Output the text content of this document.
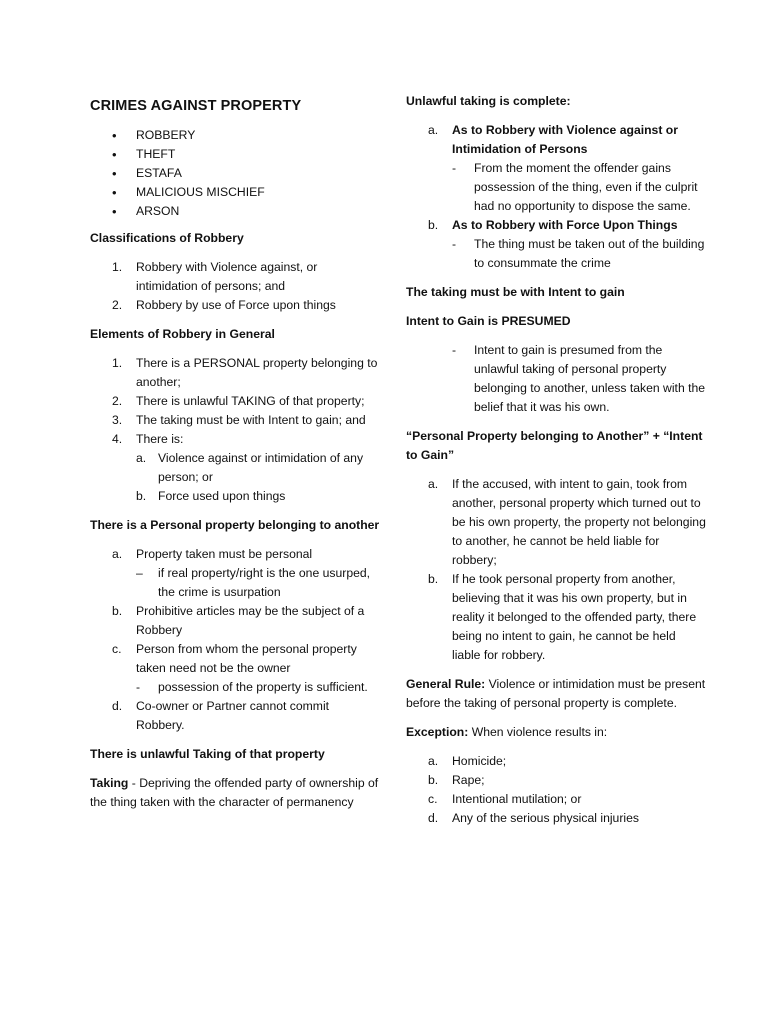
CRIMES AGAINST PROPERTY
• ROBBERY
• THEFT
• ESTAFA
• MALICIOUS MISCHIEF
• ARSON
Classifications of Robbery
1. Robbery with Violence against, or intimidation of persons; and
2. Robbery by use of Force upon things
Elements of Robbery in General
1. There is a PERSONAL property belonging to another;
2. There is unlawful TAKING of that property;
3. The taking must be with Intent to gain; and
4. There is:
a. Violence against or intimidation of any person; or
b. Force used upon things
There is a Personal property belonging to another
a. Property taken must be personal
– if real property/right is the one usurped, the crime is usurpation
b. Prohibitive articles may be the subject of a Robbery
c. Person from whom the personal property taken need not be the owner
- possession of the property is sufficient.
d. Co-owner or Partner cannot commit Robbery.
There is unlawful Taking of that property
Taking - Depriving the offended party of ownership of the thing taken with the character of permanency
Unlawful taking is complete:
a. As to Robbery with Violence against or Intimidation of Persons
- From the moment the offender gains possession of the thing, even if the culprit had no opportunity to dispose the same.
b. As to Robbery with Force Upon Things
- The thing must be taken out of the building to consummate the crime
The taking must be with Intent to gain
Intent to Gain is PRESUMED
- Intent to gain is presumed from the unlawful taking of personal property belonging to another, unless taken with the belief that it was his own.
“Personal Property belonging to Another” + “Intent to Gain”
a. If the accused, with intent to gain, took from another, personal property which turned out to be his own property, the property not belonging to another, he cannot be held liable for robbery;
b. If he took personal property from another, believing that it was his own property, but in reality it belonged to the offended party, there being no intent to gain, he cannot be held liable for robbery.
General Rule: Violence or intimidation must be present before the taking of personal property is complete.
Exception: When violence results in:
a. Homicide;
b. Rape;
c. Intentional mutilation; or
d. Any of the serious physical injuries
